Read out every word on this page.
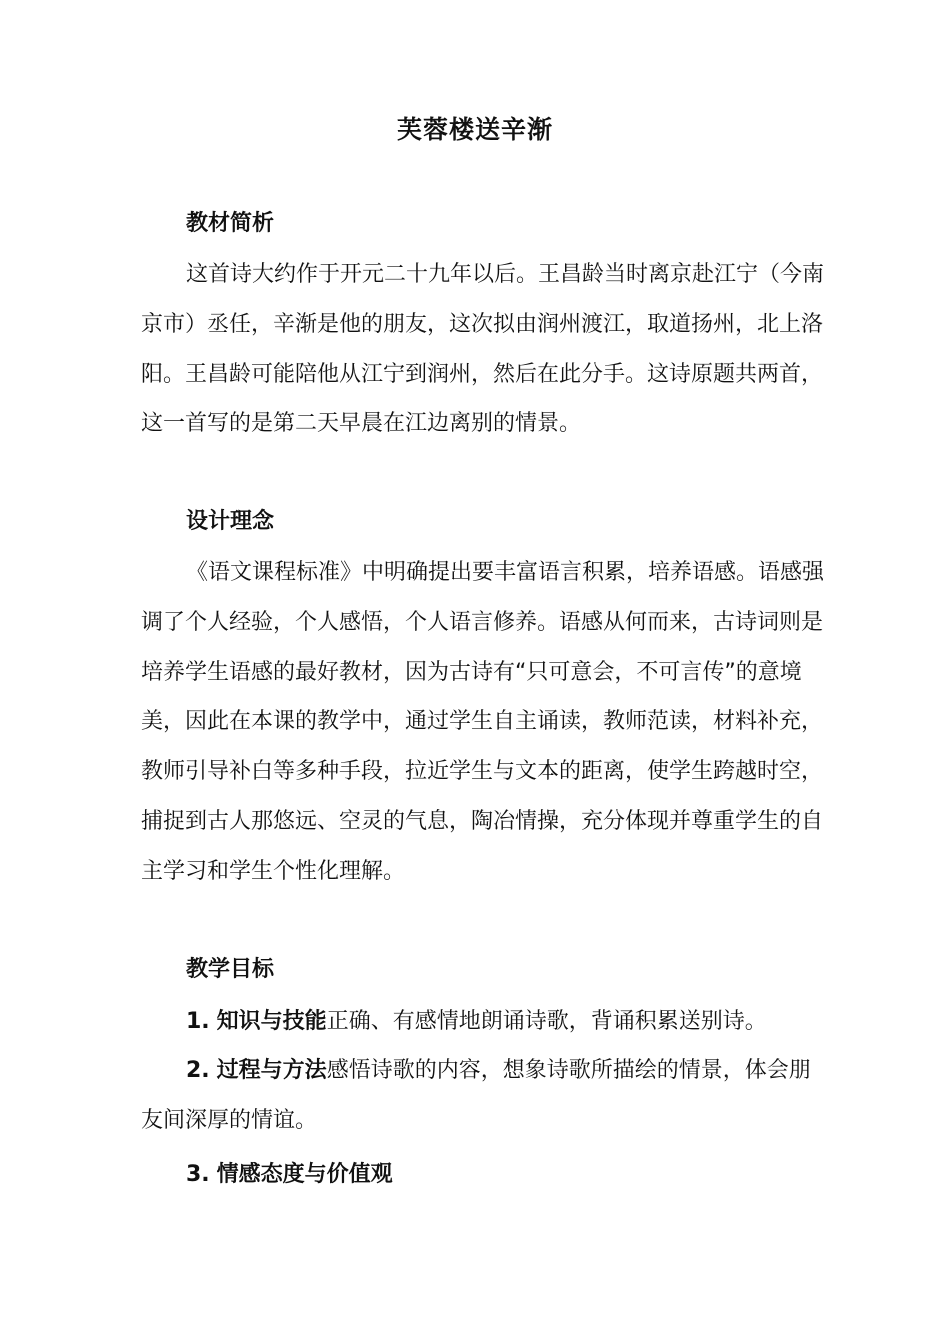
芙蓉楼送辛渐
教材简析
这首诗大约作于开元二十九年以后。王昌龄当时离京赴江宁（今南京市）丞任，辛渐是他的朋友，这次拟由润州渡江，取道扬州，北上洛阳。王昌龄可能陪他从江宁到润州，然后在此分手。这诗原题共两首，这一首写的是第二天早晨在江边离别的情景。
设计理念
《语文课程标准》中明确提出要丰富语言积累，培养语感。语感强调了个人经验，个人感悟，个人语言修养。语感从何而来，古诗词则是培养学生语感的最好教材，因为古诗有“只可意会，不可言传”的意境美，因此在本课的教学中，通过学生自主诵读，教师范读，材料补充，教师引导补白等多种手段，拉近学生与文本的距离，使学生跨越时空，捕捉到古人那悠远、空灵的气息，陶冶情操，充分体现并尊重学生的自主学习和学生个性化理解。
教学目标
1. 知识与技能正确、有感情地朗诵诗歌，背诵积累送别诗。
2. 过程与方法感悟诗歌的内容，想象诗歌所描绘的情景，体会朋友间深厚的情谊。
3. 情感态度与价值观
